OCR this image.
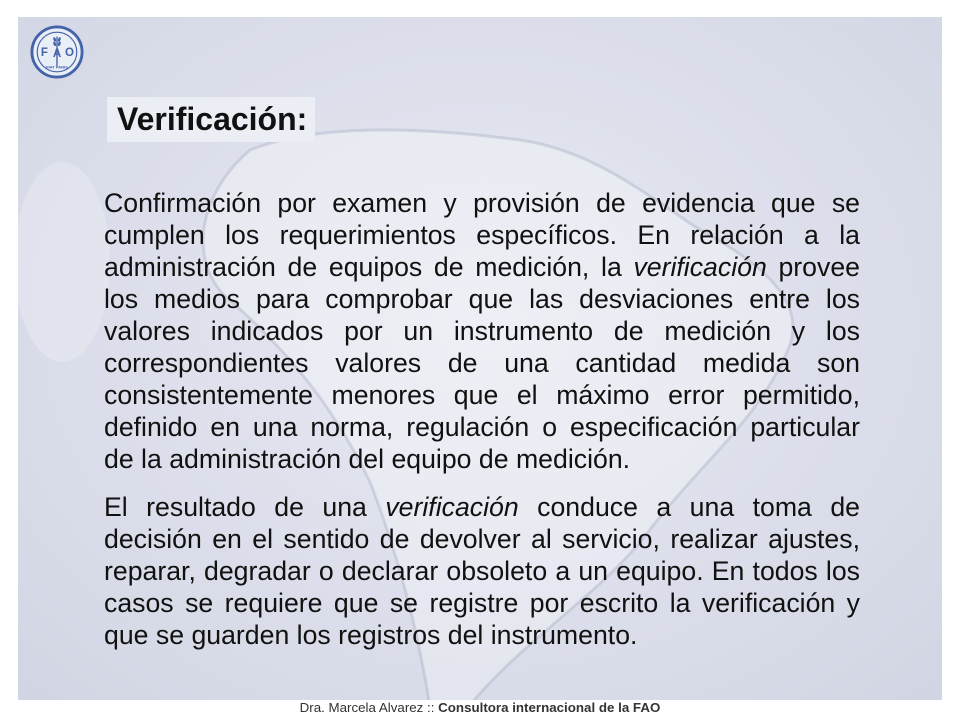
F A O
FIAT PANIS
Verificación:
Confirmación por examen y provisión de evidencia que se
cumplen los requerimientos específicos. En relación a la
administración de equipos de medición, la verificación provee
los medios para comprobar que las desviaciones entre los
valores indicados por un instrumento de medición y los
correspondientes valores de una cantidad medida son
consistentemente menores que el máximo error permitido,
definido en una norma, regulación o especificación particular
de la administración del equipo de medición.
El resultado de una verificación conduce a una toma de
decisión en el sentido de devolver al servicio, realizar ajustes,
reparar, degradar o declarar obsoleto a un equipo. En todos los
casos se requiere que se registre por escrito la verificación y
que se guarden los registros del instrumento.
Dra. Marcela Alvarez :: Consultora internacional de la FAO
